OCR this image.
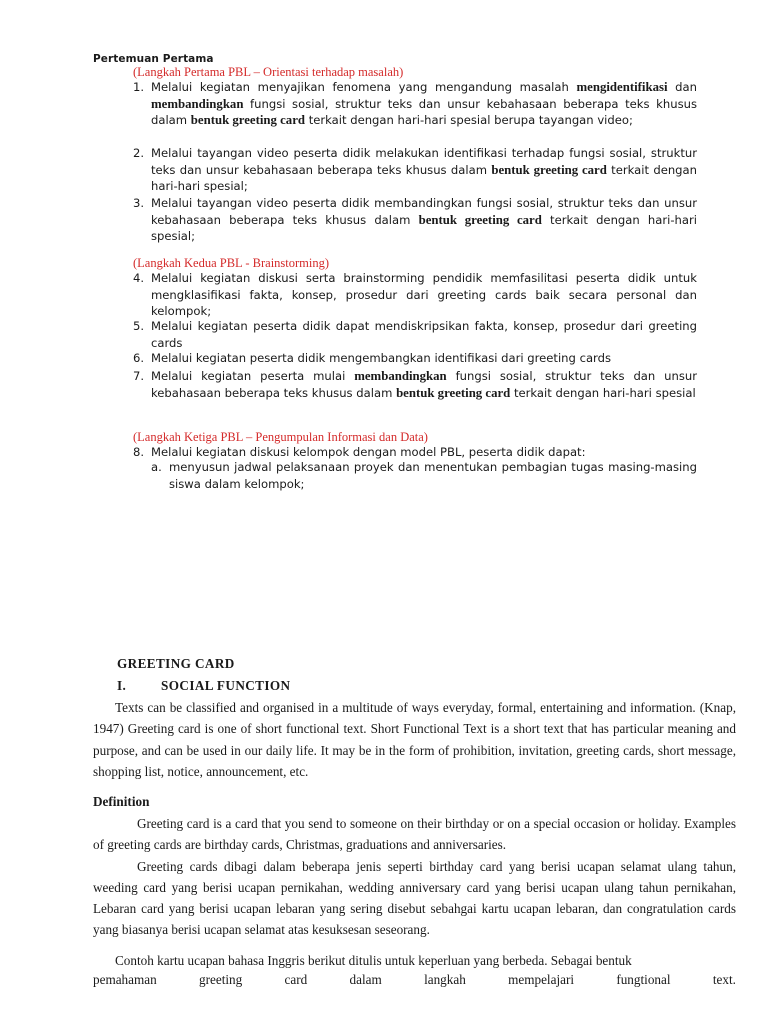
Pertemuan Pertama
(Langkah Pertama PBL – Orientasi terhadap masalah)
1. Melalui kegiatan menyajikan fenomena yang mengandung masalah mengidentifikasi dan membandingkan fungsi sosial, struktur teks dan unsur kebahasaan beberapa teks khusus dalam bentuk greeting card terkait dengan hari-hari spesial berupa tayangan video;
2. Melalui tayangan video peserta didik melakukan identifikasi terhadap fungsi sosial, struktur teks dan unsur kebahasaan beberapa teks khusus dalam bentuk greeting card terkait dengan hari-hari spesial;
3. Melalui tayangan video peserta didik membandingkan fungsi sosial, struktur teks dan unsur kebahasaan beberapa teks khusus dalam bentuk greeting card terkait dengan hari-hari spesial;
(Langkah Kedua PBL - Brainstorming)
4. Melalui kegiatan diskusi serta brainstorming pendidik memfasilitasi peserta didik untuk mengklasifikasi fakta, konsep, prosedur dari greeting cards baik secara personal dan kelompok;
5. Melalui kegiatan peserta didik dapat mendiskripsikan fakta, konsep, prosedur dari greeting cards
6. Melalui kegiatan peserta didik mengembangkan identifikasi dari greeting cards
7. Melalui kegiatan peserta mulai membandingkan fungsi sosial, struktur teks dan unsur kebahasaan beberapa teks khusus dalam bentuk greeting card terkait dengan hari-hari spesial
(Langkah Ketiga PBL – Pengumpulan Informasi dan Data)
8. Melalui kegiatan diskusi kelompok dengan model PBL, peserta didik dapat:
a. menyusun jadwal pelaksanaan proyek dan menentukan pembagian tugas masing-masing siswa dalam kelompok;
GREETING CARD
I.	SOCIAL FUNCTION

Texts can be classified and organised in a multitude of ways everyday, formal, entertaining and information. (Knap, 1947) Greeting card is one of short functional text. Short Functional Text is a short text that has particular meaning and purpose, and can be used in our daily life. It may be in the form of prohibition, invitation, greeting cards, short message, shopping list, notice, announcement, etc.

Definition

Greeting card is a card that you send to someone on their birthday or on a special occasion or holiday. Examples of greeting cards are birthday cards, Christmas, graduations and anniversaries.

Greeting cards dibagi dalam beberapa jenis seperti birthday card yang berisi ucapan selamat ulang tahun, weeding card yang berisi ucapan pernikahan, wedding anniversary card yang berisi ucapan ulang tahun pernikahan, Lebaran card yang berisi ucapan lebaran yang sering disebut sebahgai kartu ucapan lebaran, dan congratulation cards yang biasanya berisi ucapan selamat atas kesuksesan seseorang.

Contoh kartu ucapan bahasa Inggris berikut ditulis untuk keperluan yang berbeda. Sebagai bentuk

pemahaman	greeting	card	dalam	langkah	mempelajari	fungtional	text.
